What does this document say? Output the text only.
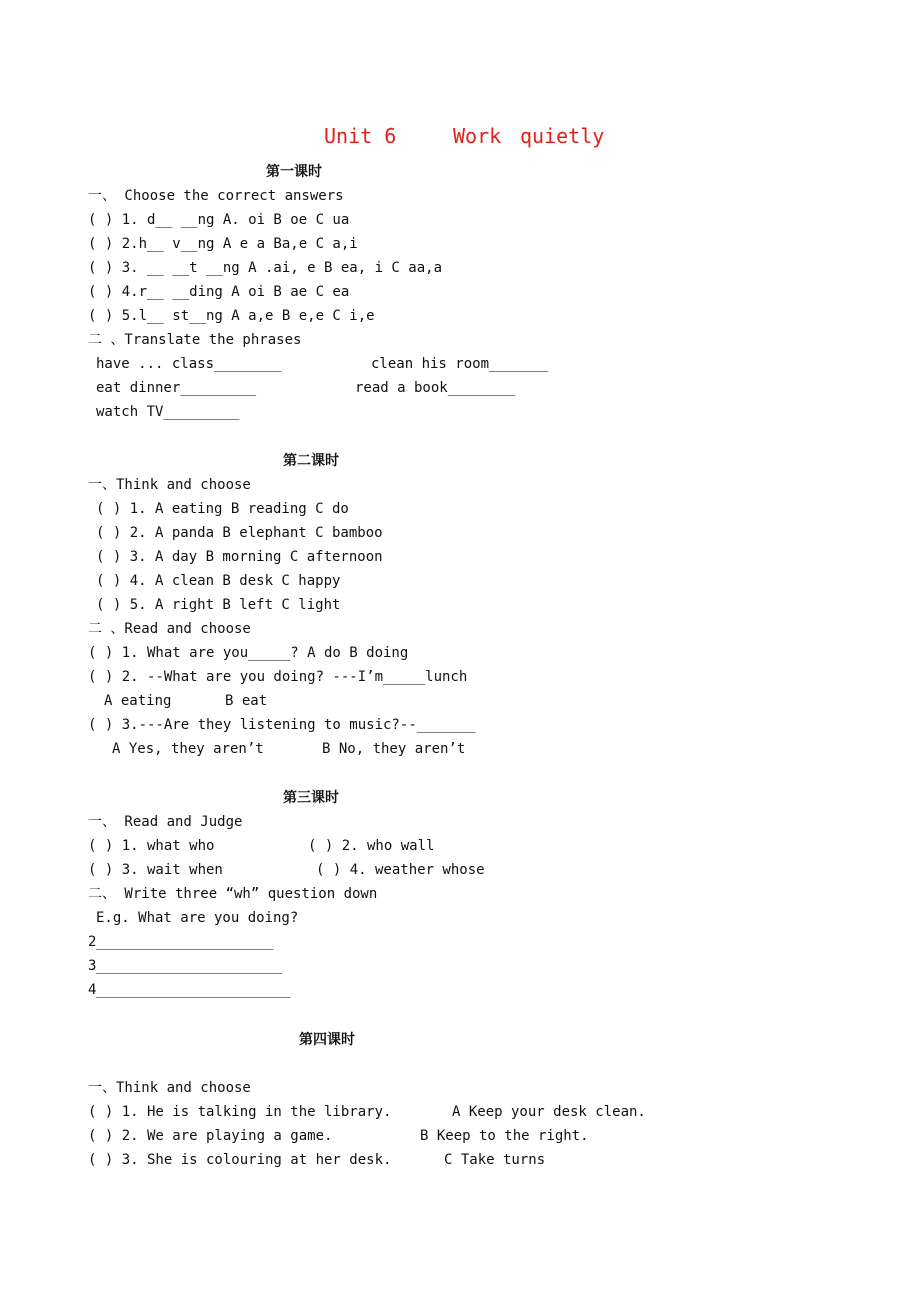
Unit 6	Work quietly
第一课时
一、 Choose the correct answers
( ) 1. d__ __ng A. oi B oe C ua
( ) 2.h__ v__ng A e a Ba,e C a,i
( ) 3. __ __t __ng A .ai, e B ea, i C aa,a
( ) 4.r__ __ding A oi B ae C ea
( ) 5.l__ st__ng A a,e B e,e C i,e
二 、Translate the phrases
have ... class________	clean his room_______
eat dinner_________	read a book________
watch TV_________
第二课时
一、Think and choose
( ) 1. A eating B reading C do
( ) 2. A panda B elephant C bamboo
( ) 3. A day B morning C afternoon
( ) 4. A clean B desk C happy
( ) 5. A right B left C light
二 、Read and choose
( ) 1. What are you_____? A do B doing
( ) 2. --What are you doing? ---I’m_____lunch
A eating	B eat
( ) 3.---Are they listening to music?--_______
A Yes, they aren’t	B No, they aren’t
第三课时
一、 Read and Judge
( ) 1. what who	( ) 2. who wall
( ) 3. wait when	( ) 4. weather whose
二、 Write three “wh” question down
E.g. What are you doing?
2_____________________
3______________________
4_______________________
第四课时
一、Think and choose
( ) 1. He is talking in the library.	A Keep your desk clean.
( ) 2. We are playing a game.	B Keep to the right.
( ) 3. She is colouring at her desk.	C Take turns
